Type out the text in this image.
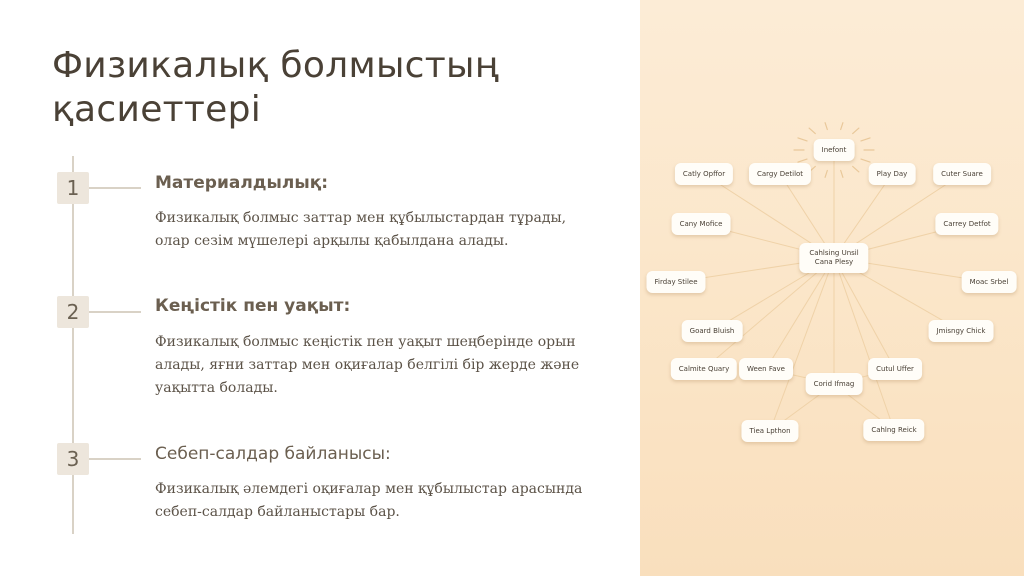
Физикалық болмыстың қасиеттері
1	Материалдылық:
Физикалық болмыс заттар мен құбылыстардан тұрады, олар сезім мүшелері арқылы қабылдана алады.
2	Кеңістік пен уақыт:
Физикалық болмыс кеңістік пен уақыт шеңберінде орын алады, яғни заттар мен оқиғалар белгілі бір жерде және уақытта болады.
3	Себеп-салдар байланысы:
Физикалық әлемдегі оқиғалар мен құбылыстар арасында себеп-салдар байланыстары бар.
Inefont
Catly Opffor	Cargy Detilot	Play Day	Cuter Suare
Cany Mofice	Carrey Detfot
Firday Stilee	Moac Srbel
Goard Bluish	Jmisngy Chick
Calmite Quary	Ween Fave	Cutul Uffer
Corid Ifmag
Tiea Lpthon	Cahlng Reick
Cahlsing Unsil
Cana Plesy
